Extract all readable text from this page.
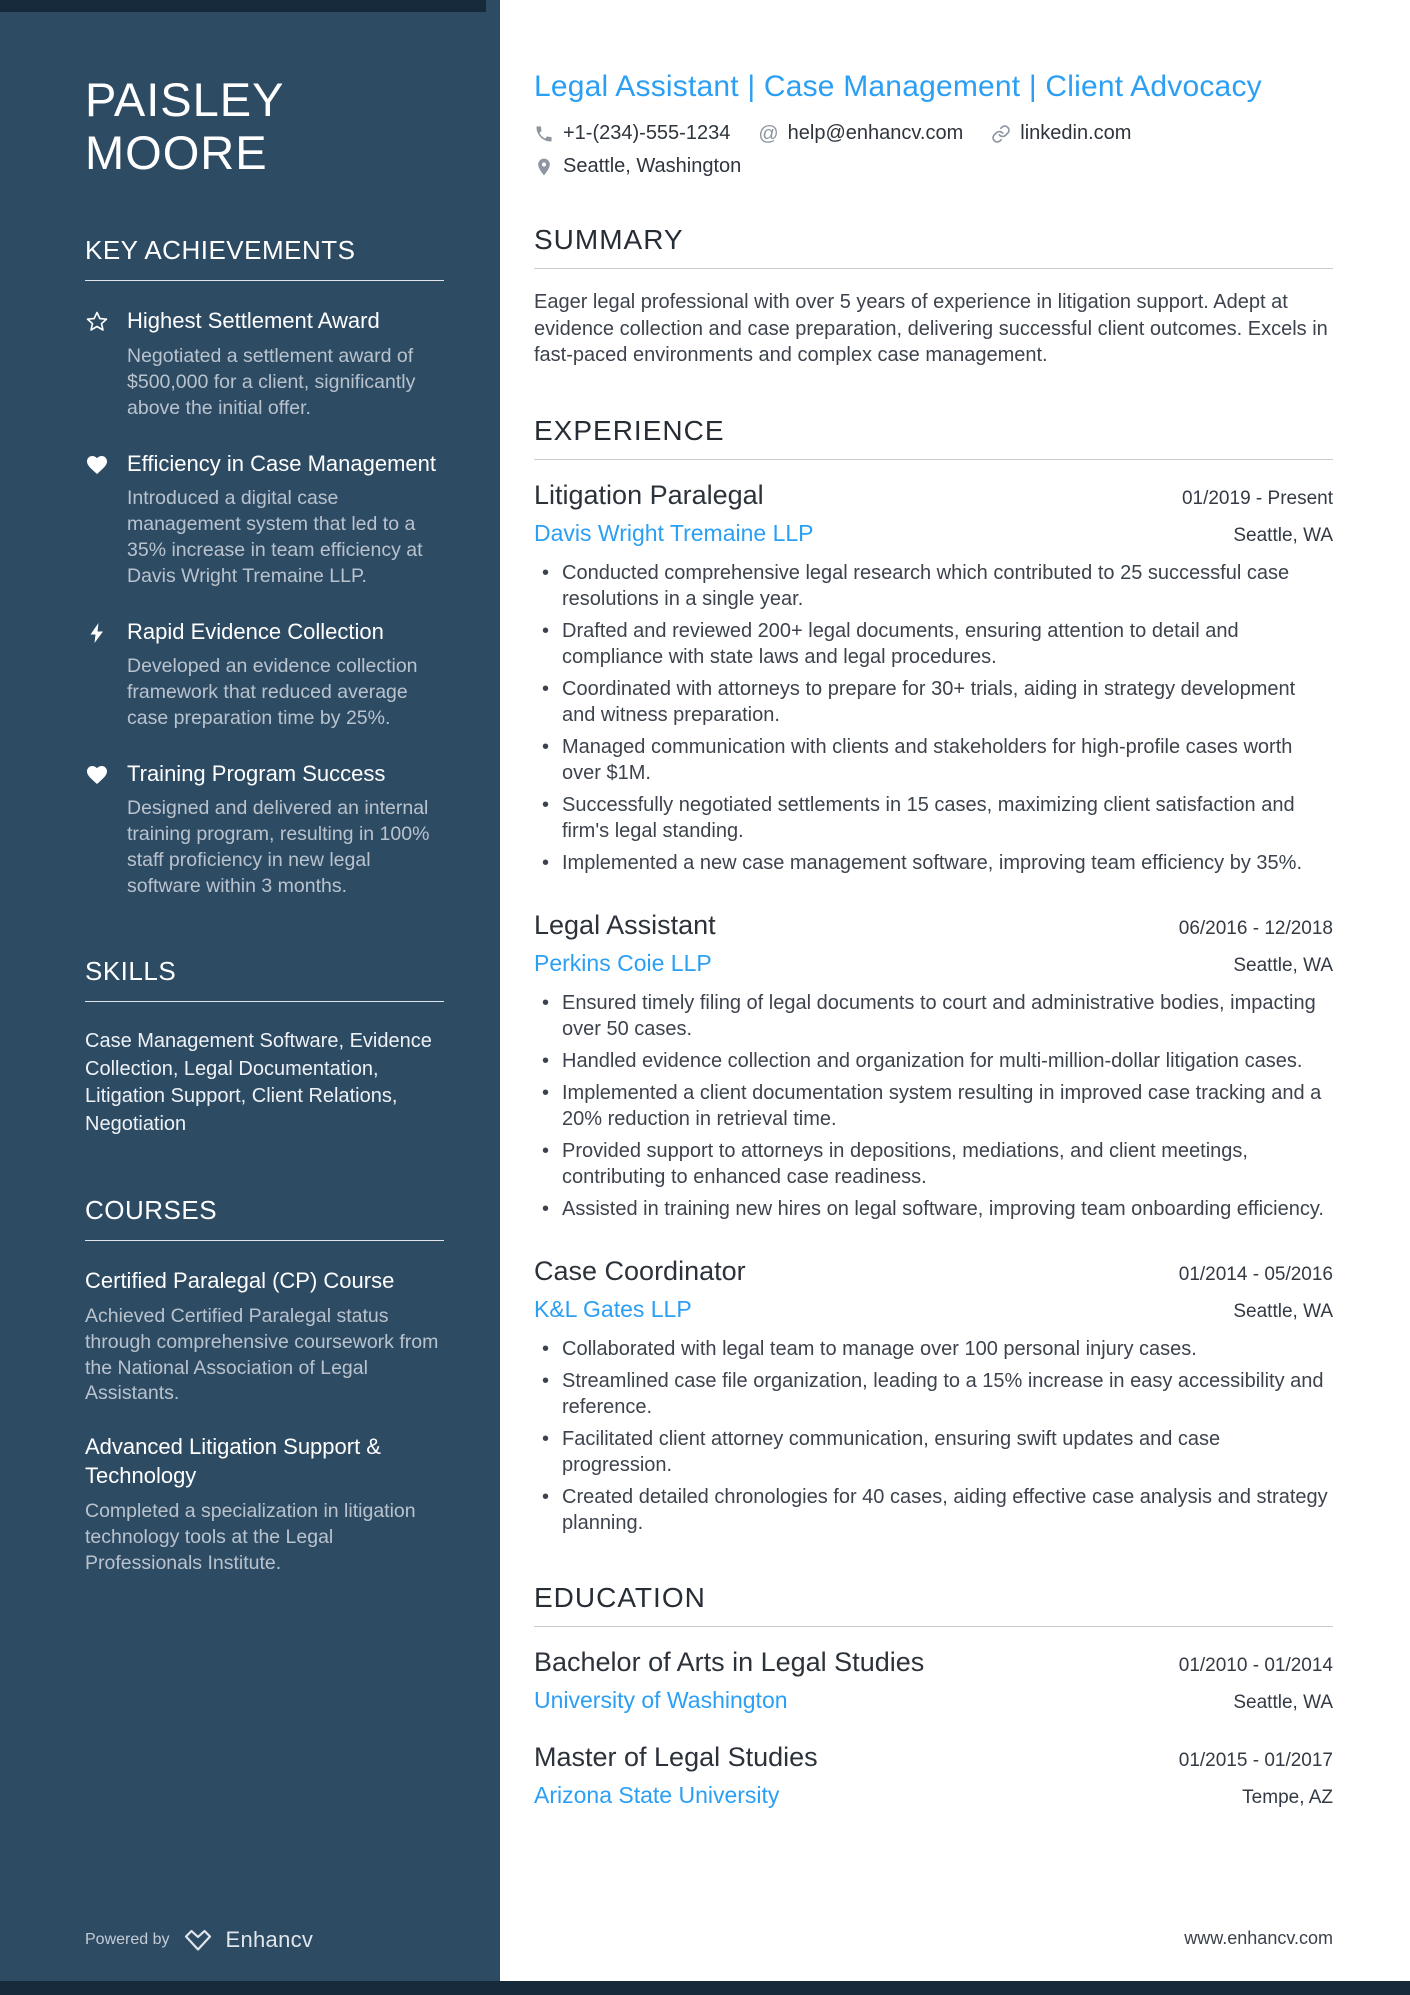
PAISLEY MOORE
KEY ACHIEVEMENTS
Highest Settlement Award
Negotiated a settlement award of $500,000 for a client, significantly above the initial offer.
Efficiency in Case Management
Introduced a digital case management system that led to a 35% increase in team efficiency at Davis Wright Tremaine LLP.
Rapid Evidence Collection
Developed an evidence collection framework that reduced average case preparation time by 25%.
Training Program Success
Designed and delivered an internal training program, resulting in 100% staff proficiency in new legal software within 3 months.
SKILLS
Case Management Software, Evidence Collection, Legal Documentation, Litigation Support, Client Relations, Negotiation
COURSES
Certified Paralegal (CP) Course
Achieved Certified Paralegal status through comprehensive coursework from the National Association of Legal Assistants.
Advanced Litigation Support & Technology
Completed a specialization in litigation technology tools at the Legal Professionals Institute.
Powered by	Enhancv
Legal Assistant | Case Management | Client Advocacy
+1-(234)-555-1234 @ help@enhancv.com	linkedin.com
Seattle, Washington
SUMMARY

Eager legal professional with over 5 years of experience in litigation support. Adept at evidence collection and case preparation, delivering successful client outcomes. Excels in fast-paced environments and complex case management.

EXPERIENCE
Litigation Paralegal	01/2019 - Present
Davis Wright Tremaine LLP	Seattle, WA
• Conducted comprehensive legal research which contributed to 25 successful case resolutions in a single year.
• Drafted and reviewed 200+ legal documents, ensuring attention to detail and compliance with state laws and legal procedures.
• Coordinated with attorneys to prepare for 30+ trials, aiding in strategy development and witness preparation.
• Managed communication with clients and stakeholders for high-profile cases worth over $1M.
• Successfully negotiated settlements in 15 cases, maximizing client satisfaction and firm's legal standing.
• Implemented a new case management software, improving team efficiency by 35%.
Legal Assistant	06/2016 - 12/2018
Perkins Coie LLP	Seattle, WA
• Ensured timely filing of legal documents to court and administrative bodies, impacting over 50 cases.
• Handled evidence collection and organization for multi-million-dollar litigation cases.
• Implemented a client documentation system resulting in improved case tracking and a 20% reduction in retrieval time.
• Provided support to attorneys in depositions, mediations, and client meetings, contributing to enhanced case readiness.
• Assisted in training new hires on legal software, improving team onboarding efficiency.
Case Coordinator	01/2014 - 05/2016
K&L Gates LLP	Seattle, WA
• Collaborated with legal team to manage over 100 personal injury cases.
• Streamlined case file organization, leading to a 15% increase in easy accessibility and reference.
• Facilitated client attorney communication, ensuring swift updates and case progression.
• Created detailed chronologies for 40 cases, aiding effective case analysis and strategy planning.
EDUCATION
Bachelor of Arts in Legal Studies	01/2010 - 01/2014
University of Washington	Seattle, WA
Master of Legal Studies	01/2015 - 01/2017
Arizona State University	Tempe, AZ
www.enhancv.com
